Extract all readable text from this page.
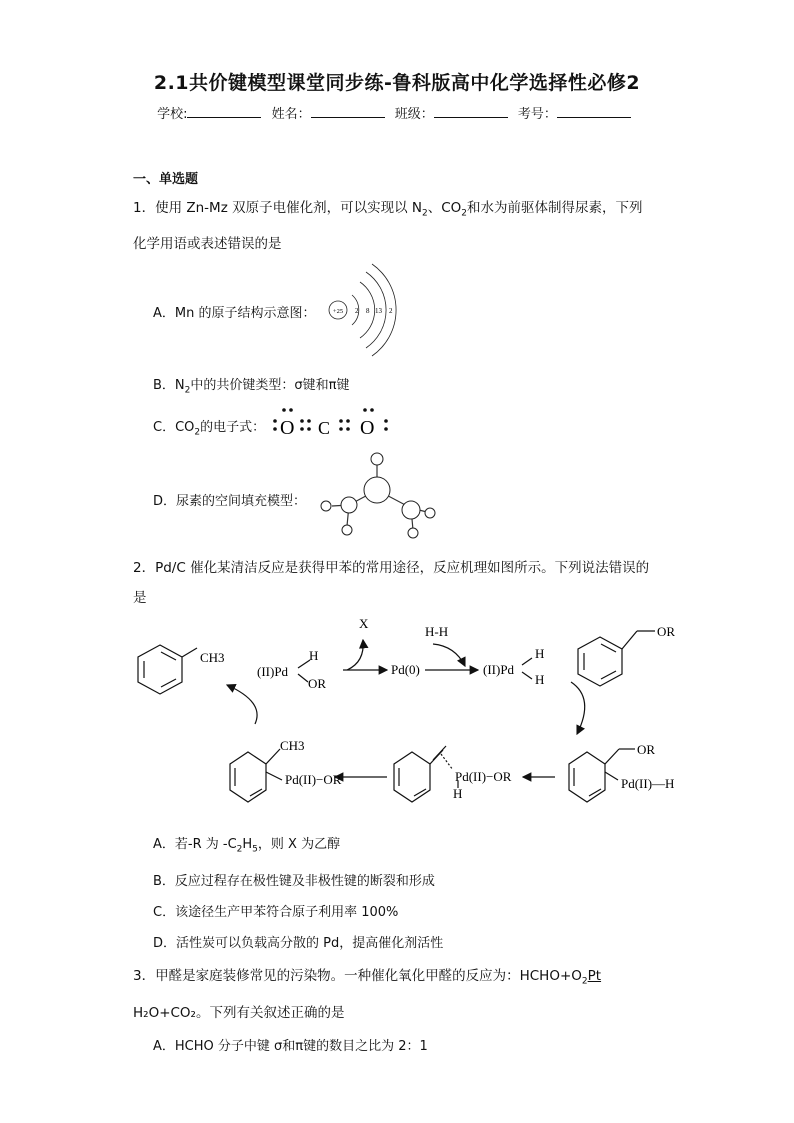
2.1共价键模型课堂同步练-鲁科版高中化学选择性必修2
学校:	姓名：	班级：	考号：
一、单选题
1．使用 Zn-Mz 双原子电催化剂，可以实现以 $N_2$、$CO_2$和水为前驱体制得尿素，下列
化学用语或表述错误的是
A．Mn 的原子结构示意图：	+25 2 8 13 2
B．$N_2$中的共价键类型：σ键和π键
C．$CO_2$的电子式： O C O
D．尿素的空间填充模型：
2．Pd/C 催化某清洁反应是获得甲苯的常用途径，反应机理如图所示。下列说法错误的
是
CH3
(II)Pd
H
OR
X
Pd(0)
H-H
(II)Pd
H
H
OR
OR
Pd(II)—H
Pd(II)−OR
H
Pd(II)−OR
CH3
A．若-R 为 $-C_2H_5$，则 X 为乙醇
B．反应过程存在极性键及非极性键的断裂和形成
C．该途径生产甲苯符合原子利用率 100%
D．活性炭可以负载高分散的 Pd，提高催化剂活性
3．甲醛是家庭装修常见的污染物。一种催化氧化甲醛的反应为：$HCHO+O_2Pt$
H₂O+CO₂。下列有关叙述正确的是
A．HCHO 分子中键 σ和π键的数目之比为 2：1
